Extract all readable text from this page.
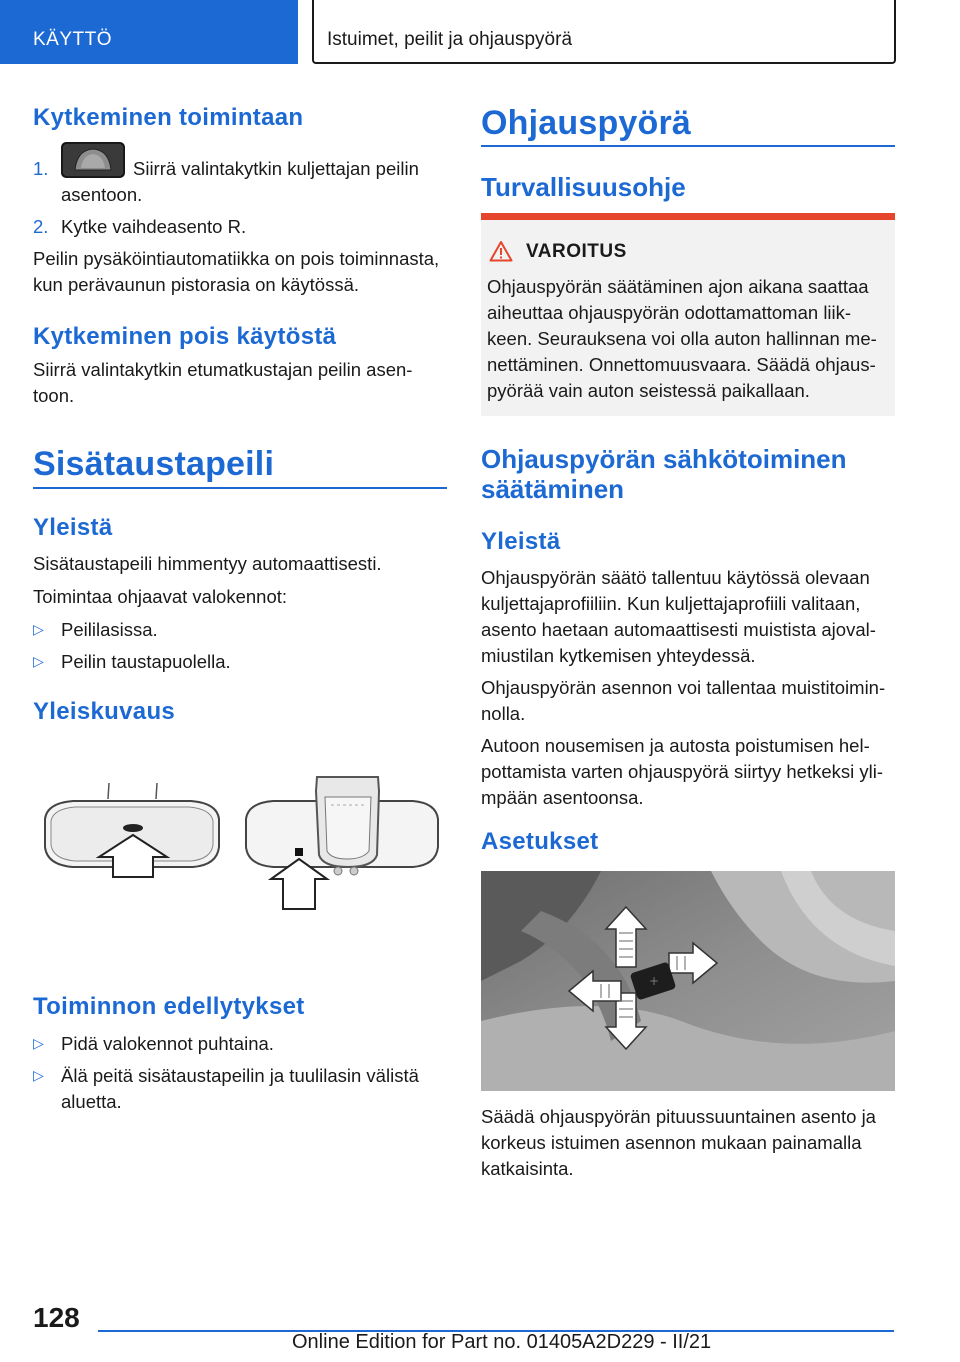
KÄYTTÖ	Istuimet, peilit ja ohjauspyörä
Kytkeminen toimintaan
1.	Siirrä valintakytkin kuljettajan peilin
asentoon.
2. Kytke vaihdeasento R.
Peilin pysäköintiautomatiikka on pois toiminnasta,
kun perävaunun pistorasia on käytössä.
Kytkeminen pois käytöstä
Siirrä valintakytkin etumatkustajan peilin asen-
toon.
Sisätaustapeili
Yleistä
Sisätaustapeili himmentyy automaattisesti.
Toimintaa ohjaavat valokennot:
▷ Peililasissa.
▷ Peilin taustapuolella.
Yleiskuvaus
Toiminnon edellytykset
▷ Pidä valokennot puhtaina.
▷ Älä peitä sisätaustapeilin ja tuulilasin välistä
aluetta.
Ohjauspyörä
Turvallisuusohje
VAROITUS
Ohjauspyörän säätäminen ajon aikana saattaa
aiheuttaa ohjauspyörän odottamattoman liik-
keen. Seurauksena voi olla auton hallinnan me-
nettäminen. Onnettomuusvaara. Säädä ohjaus-
pyörää vain auton seistessä paikallaan.
Ohjauspyörän sähkötoiminen
säätäminen
Yleistä
Ohjauspyörän säätö tallentuu käytössä olevaan
kuljettajaprofiiliin. Kun kuljettajaprofiili valitaan,
asento haetaan automaattisesti muistista ajoval-
miustilan kytkemisen yhteydessä.
Ohjauspyörän asennon voi tallentaa muistitoimin-
nolla.
Autoon nousemisen ja autosta poistumisen hel-
pottamista varten ohjauspyörä siirtyy hetkeksi yli-
mpään asentoonsa.
Asetukset
+
Säädä ohjauspyörän pituussuuntainen asento ja
korkeus istuimen asennon mukaan painamalla
katkaisinta.
128
Online Edition for Part no. 01405A2D229 - II/21
